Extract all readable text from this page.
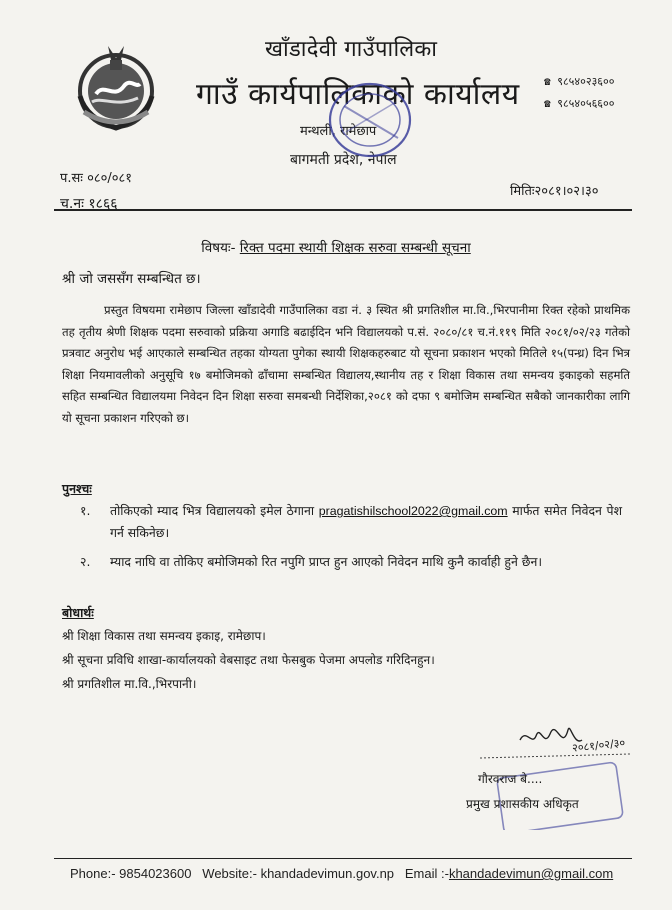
खाँडादेवी गाउँपालिका
गाउँ कार्यपालिकाको कार्यालय
मन्थली, रामेछाप
बागमती प्रदेश, नेपाल
☎ ९८५४०२३६००
☎ ९८५४०५६६००
प.सः ०८०/०८१
च.नः १८६६
मितिः२०८१।०२।३०
विषयः- रिक्त पदमा स्थायी शिक्षक सरुवा सम्बन्धी सूचना
श्री जो जससँग सम्बन्धित छ।
प्रस्तुत विषयमा रामेछाप जिल्ला खाँडादेवी गाउँपालिका वडा नं. ३ स्थित श्री प्रगतिशील मा.वि.,भिरपानीमा रिक्त रहेको प्राथमिक तह तृतीय श्रेणी शिक्षक पदमा सरुवाको प्रक्रिया अगाडि बढाईदिन भनि विद्यालयको प.सं. २०८०/८१ च.नं.११९ मिति २०८१/०२/२३ गतेको प्रत्रवाट अनुरोध भई आएकाले सम्बन्धित तहका योग्यता पुगेका स्थायी शिक्षकहरुबाट यो सूचना प्रकाशन भएको मितिले १५(पन्ध्र) दिन भित्र शिक्षा नियमावलीको अनुसूचि १७ बमोजिमको ढाँचामा सम्बन्धित विद्यालय,स्थानीय तह र शिक्षा विकास तथा समन्वय इकाइको सहमति सहित सम्बन्धित विद्यालयमा निवेदन दिन शिक्षा सरुवा समबन्धी निर्देशिका,२०८१ को दफा ९ बमोजिम सम्बन्धित सबैको जानकारीका लागि यो सूचना प्रकाशन गरिएको छ।
पुनश्चः
१. तोकिएको म्याद भित्र विद्यालयको इमेल ठेगाना pragatishilschool2022@gmail.com मार्फत समेत निवेदन पेश गर्न सकिनेछ।
२. म्याद नाघि वा तोकिए बमोजिमको रित नपुगि प्राप्त हुन आएको निवेदन माथि कुनै कार्वाही हुने छैन।
बोधार्थः
श्री शिक्षा विकास तथा समन्वय इकाइ, रामेछाप।
श्री सूचना प्रविधि शाखा-कार्यालयको वेबसाइट तथा फेसबुक पेजमा अपलोड गरिदिनहुन।
श्री प्रगतिशील मा.वि.,भिरपानी।
२०८१/०२/३०
गौरवराज बे....
प्रमुख प्रशासकीय अधिकृत
Phone:- 9854023600 Website:- khandadevimun.gov.np Email :-khandadevimun@gmail.com
